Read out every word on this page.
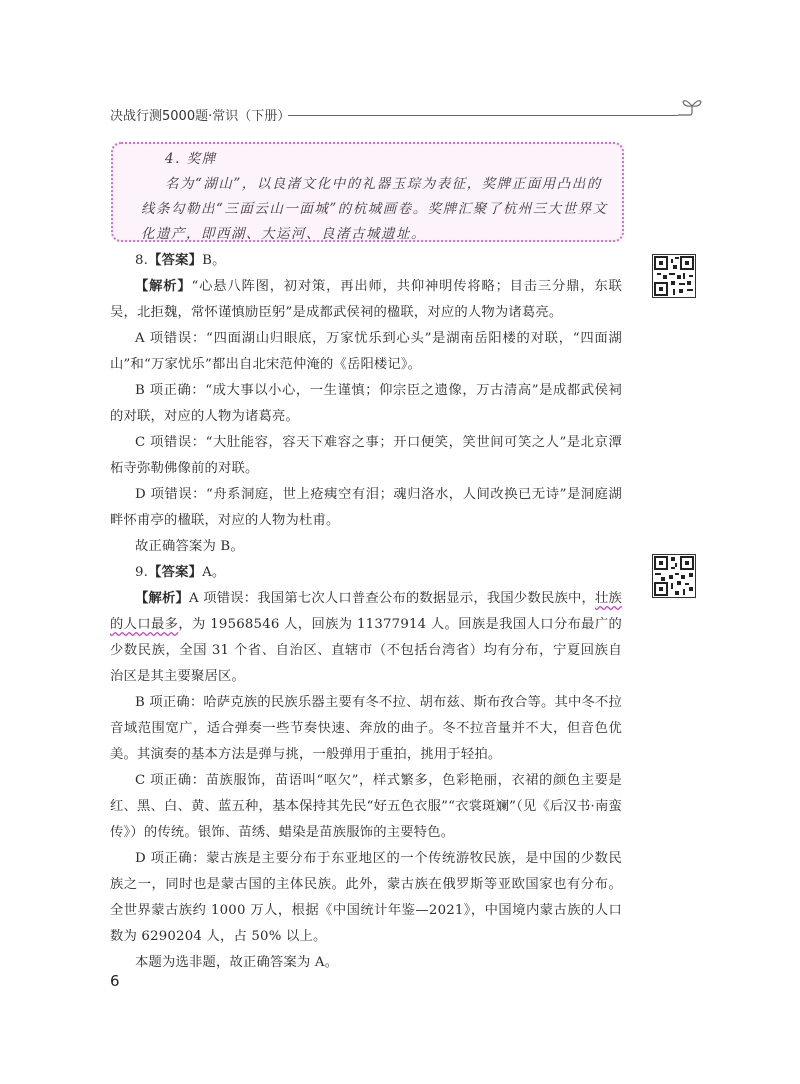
决战行测5000题·常识（下册）

4. 奖牌

名为“湖山”，以良渚文化中的礼器玉琮为表征，奖牌正面用凸出的线条勾勒出“三面云山一面城”的杭城画卷。奖牌汇聚了杭州三大世界文化遗产，即西湖、大运河、良渚古城遗址。

8.【答案】B。

【解析】“心悬八阵图，初对策，再出师，共仰神明传将略；目击三分鼎，东联吴，北拒魏，常怀谨慎励臣躬”是成都武侯祠的楹联，对应的人物为诸葛亮。

A 项错误：“四面湖山归眼底，万家忧乐到心头”是湖南岳阳楼的对联，“四面湖山”和“万家忧乐”都出自北宋范仲淹的《岳阳楼记》。

B 项正确：“成大事以小心，一生谨慎；仰宗臣之遗像，万古清高”是成都武侯祠的对联，对应的人物为诸葛亮。

C 项错误：“大肚能容，容天下难容之事；开口便笑，笑世间可笑之人”是北京潭柘寺弥勒佛像前的对联。

D 项错误：“舟系洞庭，世上疮痍空有泪；魂归洛水，人间改换已无诗”是洞庭湖畔怀甫亭的楹联，对应的人物为杜甫。

故正确答案为 B。

9.【答案】A。

【解析】A 项错误：我国第七次人口普查公布的数据显示，我国少数民族中，壮族的人口最多，为 19568546 人，回族为 11377914 人。回族是我国人口分布最广的少数民族，全国 31 个省、自治区、直辖市（不包括台湾省）均有分布，宁夏回族自治区是其主要聚居区。

B 项正确：哈萨克族的民族乐器主要有冬不拉、胡布兹、斯布孜合等。其中冬不拉音域范围宽广，适合弹奏一些节奏快速、奔放的曲子。冬不拉音量并不大，但音色优美。其演奏的基本方法是弹与挑，一般弹用于重拍，挑用于轻拍。

C 项正确：苗族服饰，苗语叫“呕欠”，样式繁多，色彩艳丽，衣裙的颜色主要是红、黑、白、黄、蓝五种，基本保持其先民“好五色衣服”“衣裳斑斓”（见《后汉书·南蛮传》）的传统。银饰、苗绣、蜡染是苗族服饰的主要特色。

D 项正确：蒙古族是主要分布于东亚地区的一个传统游牧民族，是中国的少数民族之一，同时也是蒙古国的主体民族。此外，蒙古族在俄罗斯等亚欧国家也有分布。全世界蒙古族约 1000 万人，根据《中国统计年鉴—2021》，中国境内蒙古族的人口数为 6290204 人，占 50% 以上。

本题为选非题，故正确答案为 A。

6
